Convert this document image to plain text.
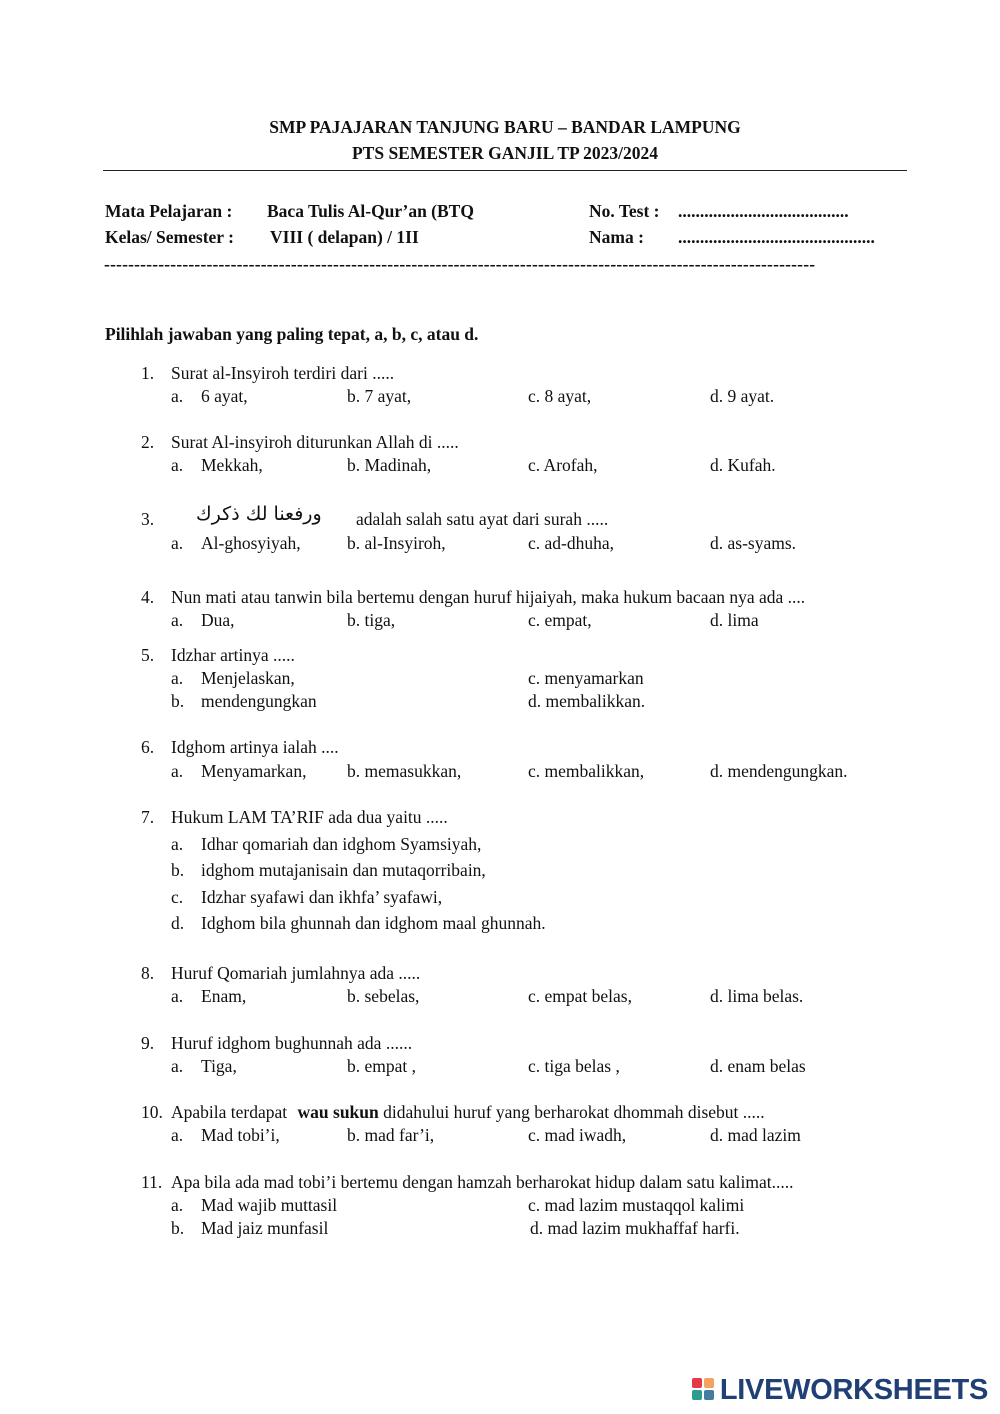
SMP PAJAJARAN TANJUNG BARU – BANDAR LAMPUNG
PTS SEMESTER GANJIL TP 2023/2024
Mata Pelajaran : Baca Tulis Al-Qur’an (BTQ
Kelas/ Semester : VIII ( delapan) / 1II
No. Test : .......................................
Nama : .............................................
----------------------------------------------------------------------------------------------------------------------
Pilihlah jawaban yang paling tepat, a, b, c, atau d.
1. Surat al-Insyiroh terdiri dari .....
a. 6 ayat,	b. 7 ayat,	c. 8 ayat,	d. 9 ayat.
2. Surat Al-insyiroh diturunkan Allah di .....
a. Mekkah,	b. Madinah,	c. Arofah,	d. Kufah.
3. ورفعنا لك ذكرك adalah salah satu ayat dari surah .....
a. Al-ghosyiyah,	b. al-Insyiroh,	c. ad-dhuha,	d. as-syams.
4. Nun mati atau tanwin bila bertemu dengan huruf hijaiyah, maka hukum bacaan nya ada ....
a. Dua,	b. tiga,	c. empat,	d. lima
5. Idzhar artinya .....
a. Menjelaskan,	c. menyamarkan
b. mendengungkan	d. membalikkan.
6. Idghom artinya ialah ....
a. Menyamarkan, b. memasukkan,	c. membalikkan,	d. mendengungkan.
7. Hukum LAM TA’RIF ada dua yaitu .....
a. Idhar qomariah dan idghom Syamsiyah,
b. idghom mutajanisain dan mutaqorribain,
c. Idzhar syafawi dan ikhfa’ syafawi,
d. Idghom bila ghunnah dan idghom maal ghunnah.
8. Huruf Qomariah jumlahnya ada .....
a. Enam,	b. sebelas,	c. empat belas,	d. lima belas.
9. Huruf idghom bughunnah ada ......
a. Tiga,	b. empat ,	c. tiga belas ,	d. enam belas
10. Apabila terdapat wau sukun didahului huruf yang berharokat dhommah disebut .....
a. Mad tobi’i,	b. mad far’i,	c. mad iwadh,	d. mad lazim
11. Apa bila ada mad tobi’i bertemu dengan hamzah berharokat hidup dalam satu kalimat.....
a. Mad wajib muttasil	c. mad lazim mustaqqol kalimi
b. Mad jaiz munfasil	d. mad lazim mukhaffaf harfi.
LIVEWORKSHEETS
